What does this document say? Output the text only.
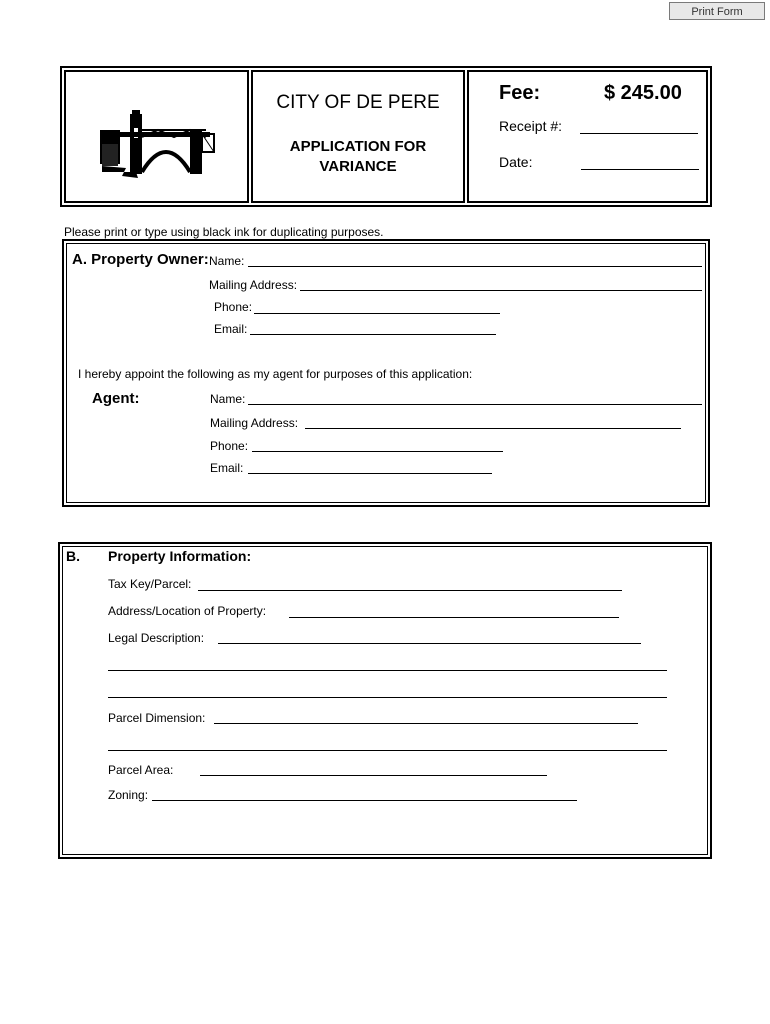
Print Form
CITY OF DE PERE
APPLICATION FOR
VARIANCE
Fee:	$ 245.00
Receipt #:
Date:
Please print or type using black ink for duplicating purposes.
A. Property Owner: Name:
Mailing Address:
Phone:
Email:
I hereby appoint the following as my agent for purposes of this application:
Agent:	Name:
Mailing Address:
Phone:
Email:
B. Property Information:
Tax Key/Parcel:
Address/Location of Property:
Legal Description:
Parcel Dimension:
Parcel Area:
Zoning:
